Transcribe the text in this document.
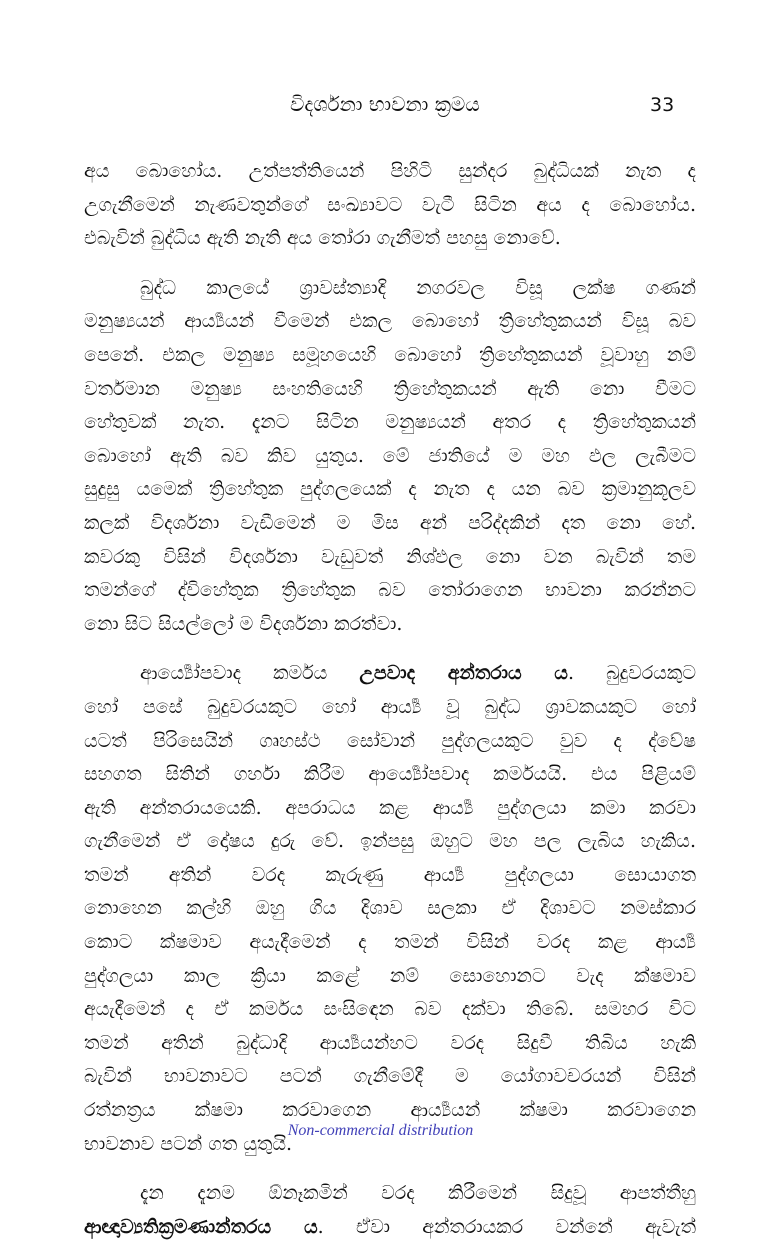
විදර්ශනා භාවනා ක්‍රමය	33
අය බොහෝය. උත්පත්තියෙන් පිහිටි සුන්දර බුද්ධියක් නැත ද
උගැනීමෙන් නැණවතුන්ගේ සංඛ්‍යාවට වැටී සිටින අය ද බොහෝය.
එබැවින් බුද්ධිය ඇති නැති අය තෝරා ගැනීමත් පහසු නොවේ.
බුද්ධ කාලයේ ශ්‍රාවස්ත්‍යාදි නගරවල විසූ ලක්ෂ ගණන්
මනුෂ්‍යයන් ආර්‍ය්‍යයන් වීමෙන් එකල බොහෝ ත්‍රිහේතුකයන් විසූ බව
පෙනේ. එකල මනුෂ්‍ය සමූහයෙහි බොහෝ ත්‍රිහේතුකයන් වූවාහු නම්
වර්තමාන මනුෂ්‍ය සංහතියෙහි ත්‍රිහේතුකයන් ඇති නො වීමට
හේතුවක් නැත. දැනට සිටින මනුෂ්‍යයන් අතර ද ත්‍රිහේතුකයන්
බොහෝ ඇති බව කිව යුතුය. මේ ජාතියේ ම මහ ඵල ලැබීමට
සුදුසු යමෙක් ත්‍රිහේතුක පුද්ගලයෙක් ද නැත ද යන බව ක්‍රමානුකූලව
කලක් විදර්ශනා වැඩීමෙන් ම මිස අන් පරිද්දකින් දත නො හේ.
කවරකු විසින් විදර්ශනා වැඩුවත් නිශ්ඵල නො වන බැවින් තම
තමන්ගේ ද්විහේතුක ත්‍රිහේතුක බව තෝරාගෙන භාවනා කරන්නට
නො සිට සියල්ලෝ ම විදර්ශනා කරත්වා.
ආර්‍ය්‍යෝපවාද කර්මය උපවාද අන්තරාය ය. බුදුවරයකුට
හෝ පසේ බුදුවරයකුට හෝ ආර්‍ය්‍ය වූ බුද්ධ ශ්‍රාවකයකුට හෝ
යටත් පිරිසෙයින් ගෘහස්ථ සෝවාන් පුද්ගලයකුට වුව ද ද්වේෂ
සහගත සිතින් ගර්හා කිරීම ආර්‍ය්‍යෝපවාද කර්මයයි. එය පිළියම්
ඇති අන්තරායයෙකි. අපරාධය කළ ආර්‍ය්‍ය පුද්ගලයා කමා කරවා
ගැනීමෙන් ඒ දෝෂය දුරු වේ. ඉන්පසු ඔහුට මහ පල ලැබිය හැකිය.
තමන් අතින් වරද කැරුණු ආර්‍ය්‍ය පුද්ගලයා සොයාගත
නොහෙන කල්හි ඔහු ගිය දිශාව සලකා ඒ දිශාවට නමස්කාර
කොට ක්ෂමාව අයැදීමෙන් ද තමන් විසින් වරද කළ ආර්‍ය්‍ය
පුද්ගලයා කාල ක්‍රියා කළේ නම් සොහොනට වැද ක්ෂමාව
අයැදීමෙන් ද ඒ කර්මය සංසිඳෙන බව දක්වා තිබේ. සමහර විට
තමන් අතින් බුද්ධාදි ආර්‍ය්‍යයන්හට වරද සිදුවී තිබිය හැකි
බැවින් භාවනාවට පටන් ගැනීමේදී ම යෝගාවචරයන් විසින්
රත්නත්‍රය ක්ෂමා කරවාගෙන ආර්‍ය්‍යයන් ක්ෂමා කරවාගෙන
භාවනාව පටන් ගත යුතුයි.
දැන දැනම ඕනෑකමින් වරද කිරීමෙන් සිදුවූ ආපත්තීහු
ආඥාව්‍යතික්‍රමණාන්තරය ය. ඒවා අන්තරායකර වන්නේ ඇවැත්
Non-commercial distribution
